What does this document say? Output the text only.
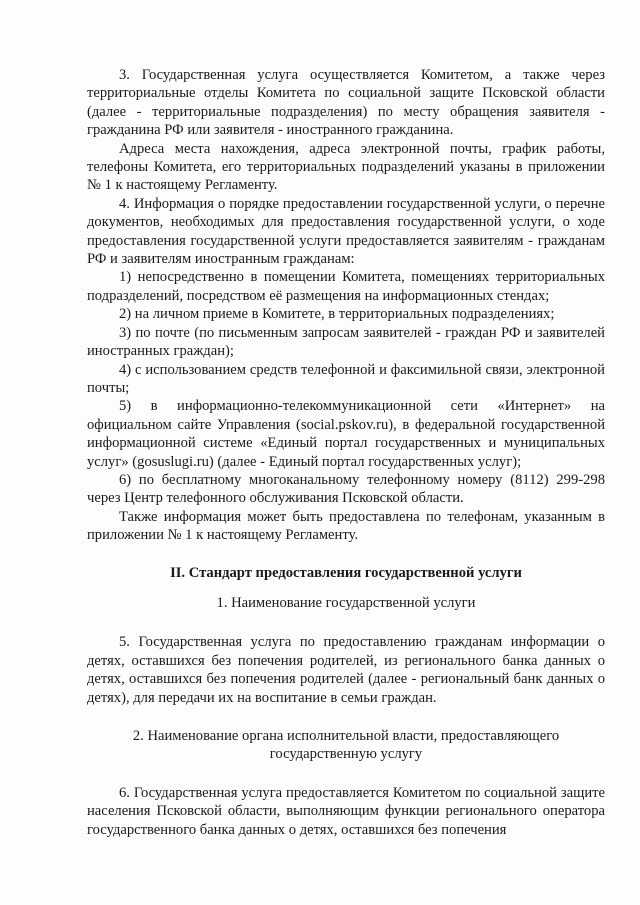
3. Государственная услуга осуществляется Комитетом, а также через территориальные отделы Комитета по социальной защите Псковской области (далее - территориальные подразделения) по месту обращения заявителя - гражданина РФ или заявителя - иностранного гражданина.

Адреса места нахождения, адреса электронной почты, график работы, телефоны Комитета, его территориальных подразделений указаны в приложении № 1 к настоящему Регламенту.

4. Информация о порядке предоставлении государственной услуги, о перечне документов, необходимых для предоставления государственной услуги, о ходе предоставления государственной услуги предоставляется заявителям - гражданам РФ и заявителям иностранным гражданам:

1) непосредственно в помещении Комитета, помещениях территориальных подразделений, посредством её размещения на информационных стендах;

2) на личном приеме в Комитете, в территориальных подразделениях;

3) по почте (по письменным запросам заявителей - граждан РФ и заявителей иностранных граждан);

4) с использованием средств телефонной и факсимильной связи, электронной почты;

5) в информационно-телекоммуникационной сети «Интернет» на официальном сайте Управления (social.pskov.ru), в федеральной государственной информационной системе «Единый портал государственных и муниципальных услуг» (gosuslugi.ru) (далее - Единый портал государственных услуг);

6) по бесплатному многоканальному телефонному номеру (8112) 299-298 через Центр телефонного обслуживания Псковской области.

Также информация может быть предоставлена по телефонам, указанным в приложении № 1 к настоящему Регламенту.

II. Стандарт предоставления государственной услуги

1. Наименование государственной услуги

5. Государственная услуга по предоставлению гражданам информации о детях, оставшихся без попечения родителей, из регионального банка данных о детях, оставшихся без попечения родителей (далее - региональный банк данных о детях), для передачи их на воспитание в семьи граждан.

2. Наименование органа исполнительной власти, предоставляющего государственную услугу

6. Государственная услуга предоставляется Комитетом по социальной защите населения Псковской области, выполняющим функции регионального оператора государственного банка данных о детях, оставшихся без попечения
